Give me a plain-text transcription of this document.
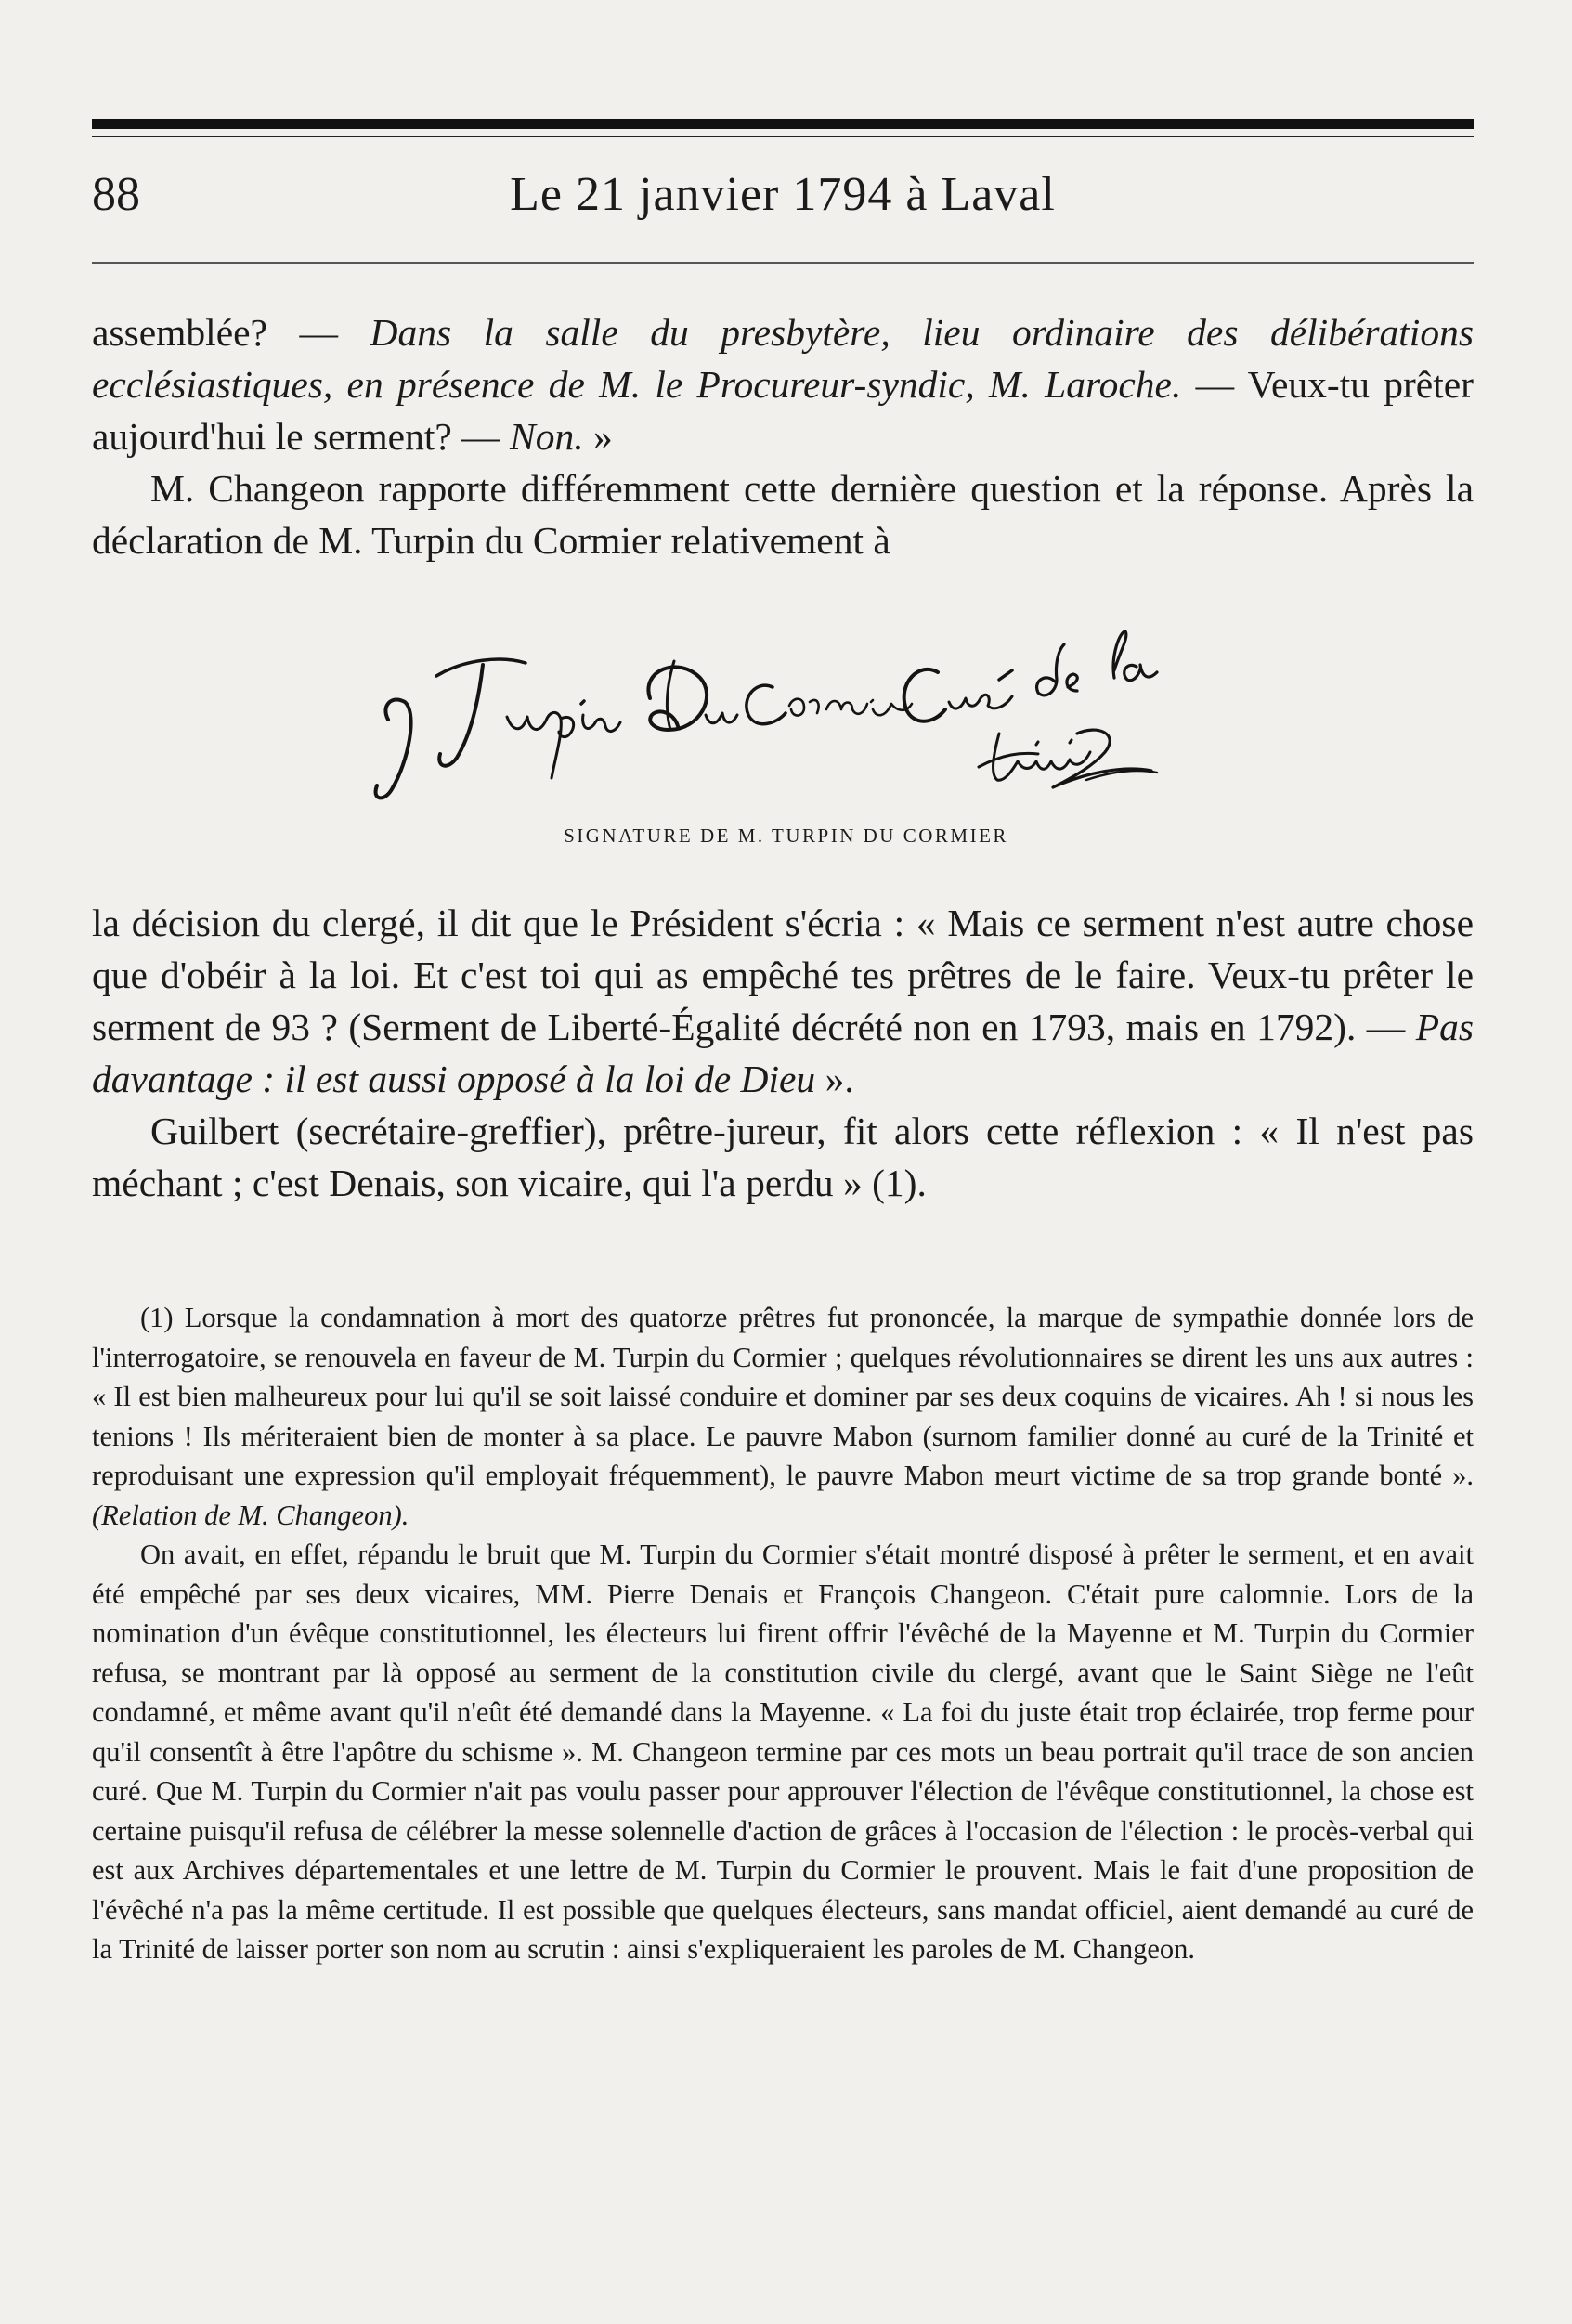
88	Le 21 janvier 1794 à Laval

assemblée? — Dans la salle du presbytère, lieu ordinaire des délibérations ecclésiastiques, en présence de M. le Procureur-syndic, M. Laroche. — Veux-tu prêter aujourd'hui le serment? — Non. »

M. Changeon rapporte différemment cette dernière question et la réponse. Après la déclaration de M. Turpin du Cormier relativement à

SIGNATURE DE M. TURPIN DU CORMIER

la décision du clergé, il dit que le Président s'écria : « Mais ce serment n'est autre chose que d'obéir à la loi. Et c'est toi qui as empêché tes prêtres de le faire. Veux-tu prêter le serment de 93 ? (Serment de Liberté-Égalité décrété non en 1793, mais en 1792). — Pas davantage : il est aussi opposé à la loi de Dieu ».

Guilbert (secrétaire-greffier), prêtre-jureur, fit alors cette réflexion : « Il n'est pas méchant ; c'est Denais, son vicaire, qui l'a perdu » (1).

(1) Lorsque la condamnation à mort des quatorze prêtres fut prononcée, la marque de sympathie donnée lors de l'interrogatoire, se renouvela en faveur de M. Turpin du Cormier ; quelques révolutionnaires se dirent les uns aux autres : « Il est bien malheureux pour lui qu'il se soit laissé conduire et dominer par ses deux coquins de vicaires. Ah ! si nous les tenions ! Ils mériteraient bien de monter à sa place. Le pauvre Mabon (surnom familier donné au curé de la Trinité et reproduisant une expression qu'il employait fréquemment), le pauvre Mabon meurt victime de sa trop grande bonté ». (Relation de M. Changeon).

On avait, en effet, répandu le bruit que M. Turpin du Cormier s'était montré disposé à prêter le serment, et en avait été empêché par ses deux vicaires, MM. Pierre Denais et François Changeon. C'était pure calomnie. Lors de la nomination d'un évêque constitutionnel, les électeurs lui firent offrir l'évêché de la Mayenne et M. Turpin du Cormier refusa, se montrant par là opposé au serment de la constitution civile du clergé, avant que le Saint Siège ne l'eût condamné, et même avant qu'il n'eût été demandé dans la Mayenne. « La foi du juste était trop éclairée, trop ferme pour qu'il consentît à être l'apôtre du schisme ». M. Changeon termine par ces mots un beau portrait qu'il trace de son ancien curé. Que M. Turpin du Cormier n'ait pas voulu passer pour approuver l'élection de l'évêque constitutionnel, la chose est certaine puisqu'il refusa de célébrer la messe solennelle d'action de grâces à l'occasion de l'élection : le procès-verbal qui est aux Archives départementales et une lettre de M. Turpin du Cormier le prouvent. Mais le fait d'une proposition de l'évêché n'a pas la même certitude. Il est possible que quelques électeurs, sans mandat officiel, aient demandé au curé de la Trinité de laisser porter son nom au scrutin : ainsi s'expliqueraient les paroles de M. Changeon.
